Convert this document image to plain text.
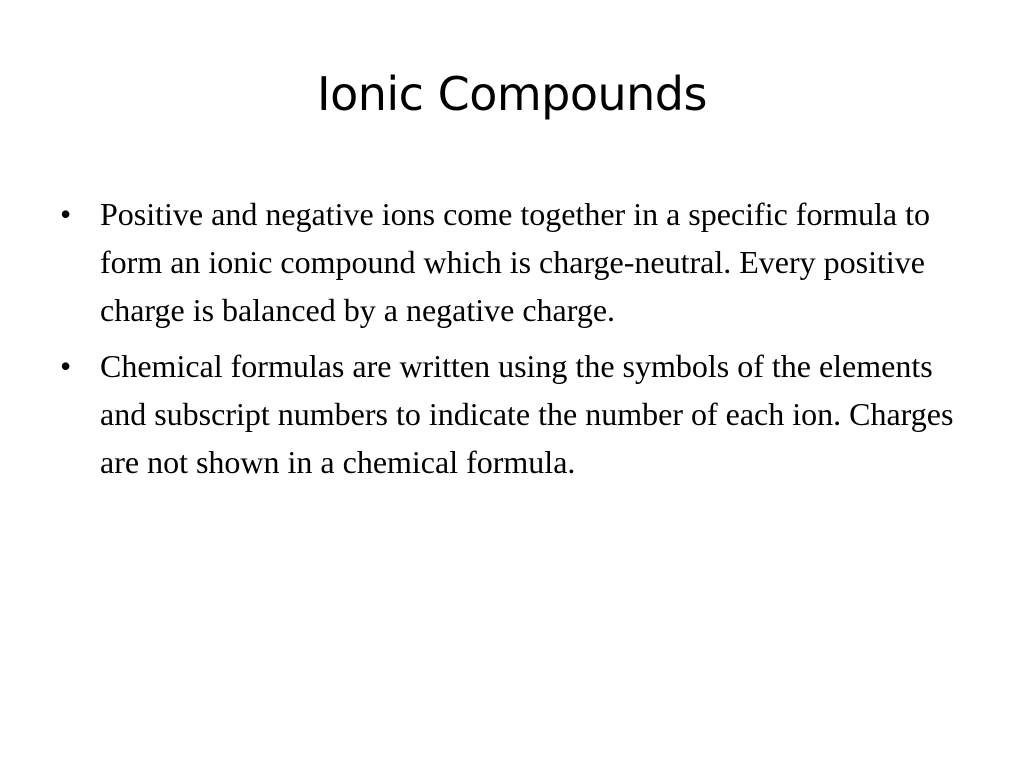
Ionic Compounds
• Positive and negative ions come together in a specific formula to form an ionic compound which is charge-neutral. Every positive charge is balanced by a negative charge.
• Chemical formulas are written using the symbols of the elements and subscript numbers to indicate the number of each ion. Charges are not shown in a chemical formula.
